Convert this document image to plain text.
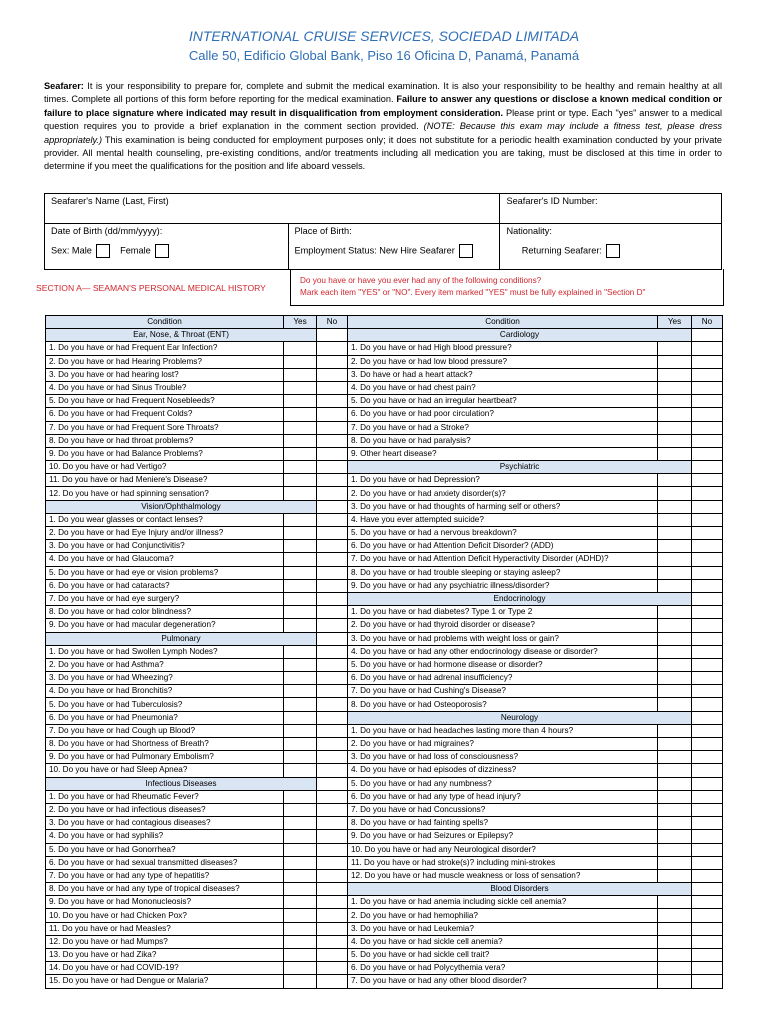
INTERNATIONAL CRUISE SERVICES, SOCIEDAD LIMITADA
Calle 50, Edificio Global Bank, Piso 16 Oficina D, Panamá, Panamá
Seafarer: It is your responsibility to prepare for, complete and submit the medical examination. It is also your responsibility to be healthy and remain healthy at all times. Complete all portions of this form before reporting for the medical examination. Failure to answer any questions or disclose a known medical condition or failure to place signature where indicated may result in disqualification from employment consideration. Please print or type. Each "yes" answer to a medical question requires you to provide a brief explanation in the comment section provided. (NOTE: Because this exam may include a fitness test, please dress appropriately.) This examination is being conducted for employment purposes only; it does not substitute for a periodic health examination conducted by your private provider. All mental health counseling, pre-existing conditions, and/or treatments including all medication you are taking, must be disclosed at this time in order to determine if you meet the qualifications for the position and life aboard vessels.
Seafarer's Name (Last, First)		Seafarer's ID Number:
Date of Birth (dd/mm/yyyy):	Place of Birth:	Nationality:
Sex: Male Female	Employment Status: New Hire Seafarer	Returning Seafarer:
SECTION A— SEAMAN'S PERSONAL MEDICAL HISTORY
Do you have or have you ever had any of the following conditions?
Mark each item "YES" or "NO". Every item marked "YES" must be fully explained in "Section D"
Condition	Yes	No
Ear, Nose, & Throat (ENT)		
1. Do you have or had Frequent Ear Infection?		
2. Do you have or had Hearing Problems?		
3. Do you have or had hearing lost?		
4. Do you have or had Sinus Trouble?		
5. Do you have or had Frequent Nosebleeds?		
6. Do you have or had Frequent Colds?		
7. Do you have or had Frequent Sore Throats?		
8. Do you have or had throat problems?		
9. Do you have or had Balance Problems?		
10. Do you have or had Vertigo?		
11. Do you have or had Meniere's Disease?		
12. Do you have or had spinning sensation?		
Vision/Ophthalmology		
1. Do you wear glasses or contact lenses?		
2. Do you have or had Eye Injury and/or illness?		
3. Do you have or had Conjunctivitis?		
4. Do you have or had Glaucoma?		
5. Do you have or had eye or vision problems?		
6. Do you have or had cataracts?		
7. Do you have or had eye surgery?		
8. Do you have or had color blindness?		
9. Do you have or had macular degeneration?		
Pulmonary		
1. Do you have or had Swollen Lymph Nodes?		
2. Do you have or had Asthma?		
3. Do you have or had Wheezing?		
4. Do you have or had Bronchitis?		
5. Do you have or had Tuberculosis?		
6. Do you have or had Pneumonia?		
7. Do you have or had Cough up Blood?		
8. Do you have or had Shortness of Breath?		
9. Do you have or had Pulmonary Embolism?		
10. Do you have or had Sleep Apnea?		
Infectious Diseases		
1. Do you have or had Rheumatic Fever?		
2. Do you have or had infectious diseases?		
3. Do you have or had contagious diseases?		
4. Do you have or had syphilis?		
5. Do you have or had Gonorrhea?		
6. Do you have or had sexual transmitted diseases?		
7. Do you have or had any type of hepatitis?		
8. Do you have or had any type of tropical diseases?		
9. Do you have or had Mononucleosis?		
10. Do you have or had Chicken Pox?		
11. Do you have or had Measles?		
12. Do you have or had Mumps?		
13. Do you have or had Zika?		
14. Do you have or had COVID-19?		
15. Do you have or had Dengue or Malaria?		
Condition	Yes	No
Cardiology		
1. Do you have or had High blood pressure?		
2. Do you have or had low blood pressure?		
3. Do have or had a heart attack?		
4. Do you have or had chest pain?		
5. Do you have or had an irregular heartbeat?		
6. Do you have or had poor circulation?		
7. Do you have or had a Stroke?		
8. Do you have or had paralysis?		
9. Other heart disease?		
Psychiatric		
1. Do you have or had Depression?		
2. Do you have or had anxiety disorder(s)?		
3. Do you have or had thoughts of harming self or others?		
4. Have you ever attempted suicide?		
5. Do you have or had a nervous breakdown?		
6. Do you have or had Attention Deficit Disorder? (ADD)		
7. Do you have or had Attention Deficit Hyperactivity Disorder (ADHD)?		
8. Do you have or had trouble sleeping or staying asleep?		
9. Do you have or had any psychiatric illness/disorder?		
Endocrinology		
1. Do you have or had diabetes? Type 1 or Type 2		
2. Do you have or had thyroid disorder or disease?		
3. Do you have or had problems with weight loss or gain?		
4. Do you have or had any other endocrinology disease or disorder?		
5. Do you have or had hormone disease or disorder?		
6. Do you have or had adrenal insufficiency?		
7. Do you have or had Cushing's Disease?		
8. Do you have or had Osteoporosis?		
Neurology		
1. Do you have or had headaches lasting more than 4 hours?		
2. Do you have or had migraines?		
3. Do you have or had loss of consciousness?		
4. Do you have or had episodes of dizziness?		
5. Do you have or had any numbness?		
6. Do you have or had any type of head injury?		
7. Do you have or had Concussions?		
8. Do you have or had fainting spells?		
9. Do you have or had Seizures or Epilepsy?		
10. Do you have or had any Neurological disorder?		
11. Do you have or had stroke(s)? including mini-strokes		
12. Do you have or had muscle weakness or loss of sensation?		
Blood Disorders		
1. Do you have or had anemia including sickle cell anemia?		
2. Do you have or had hemophilia?		
3. Do you have or had Leukemia?		
4. Do you have or had sickle cell anemia?		
5. Do you have or had sickle cell trait?		
6. Do you have or had Polycythemia vera?		
7. Do you have or had any other blood disorder?		
